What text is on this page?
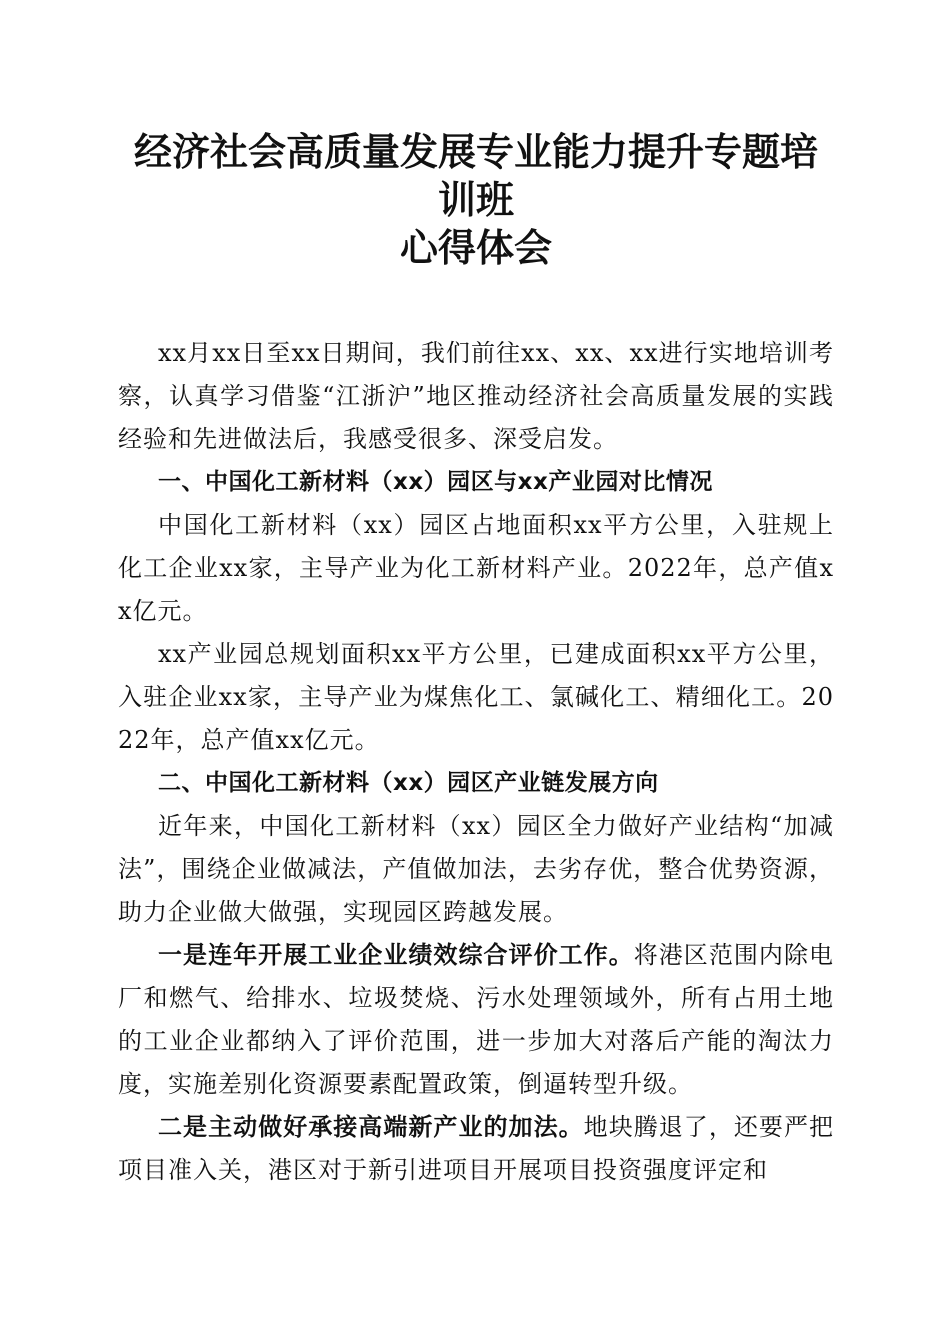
经济社会高质量发展专业能力提升专题培训班
心得体会

xx月xx日至xx日期间，我们前往xx、xx、xx进行实地培训考察，认真学习借鉴“江浙沪”地区推动经济社会高质量发展的实践经验和先进做法后，我感受很多、深受启发。

一、中国化工新材料（xx）园区与xx产业园对比情况

中国化工新材料（xx）园区占地面积xx平方公里，入驻规上化工企业xx家，主导产业为化工新材料产业。2022年，总产值xx亿元。

xx产业园总规划面积xx平方公里，已建成面积xx平方公里，入驻企业xx家，主导产业为煤焦化工、氯碱化工、精细化工。2022年，总产值xx亿元。

二、中国化工新材料（xx）园区产业链发展方向

近年来，中国化工新材料（xx）园区全力做好产业结构“加减法”，围绕企业做减法，产值做加法，去劣存优，整合优势资源，助力企业做大做强，实现园区跨越发展。

一是连年开展工业企业绩效综合评价工作。将港区范围内除电厂和燃气、给排水、垃圾焚烧、污水处理领域外，所有占用土地的工业企业都纳入了评价范围，进一步加大对落后产能的淘汰力度，实施差别化资源要素配置政策，倒逼转型升级。

二是主动做好承接高端新产业的加法。地块腾退了，还要严把项目准入关，港区对于新引进项目开展项目投资强度评定和
